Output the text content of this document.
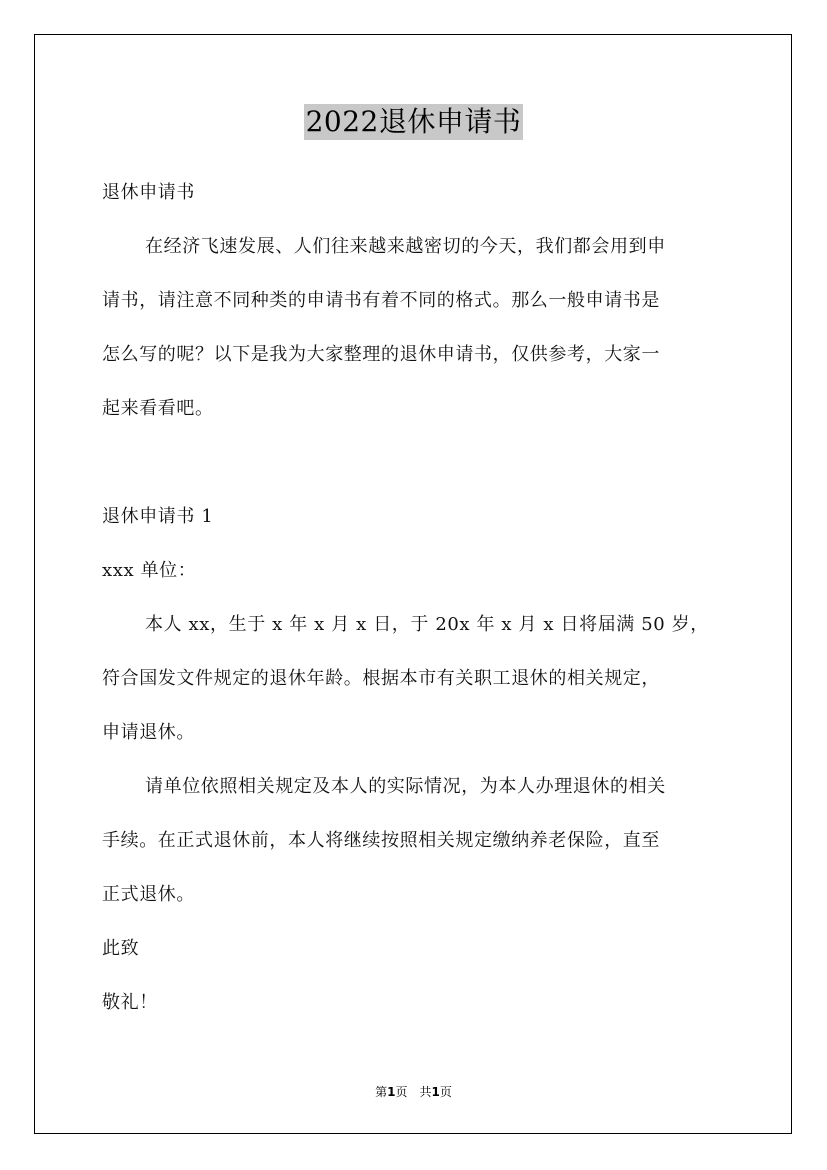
2022退休申请书

退休申请书

在经济飞速发展、人们往来越来越密切的今天，我们都会用到申

请书，请注意不同种类的申请书有着不同的格式。那么一般申请书是

怎么写的呢？以下是我为大家整理的退休申请书，仅供参考，大家一

起来看看吧。

退休申请书 1

xxx 单位：

本人 xx，生于 x 年 x 月 x 日，于 20x 年 x 月 x 日将届满 50 岁，

符合国发文件规定的退休年龄。根据本市有关职工退休的相关规定，

申请退休。

请单位依照相关规定及本人的实际情况，为本人办理退休的相关

手续。在正式退休前，本人将继续按照相关规定缴纳养老保险，直至

正式退休。

此致

敬礼！

第1页　共1页
